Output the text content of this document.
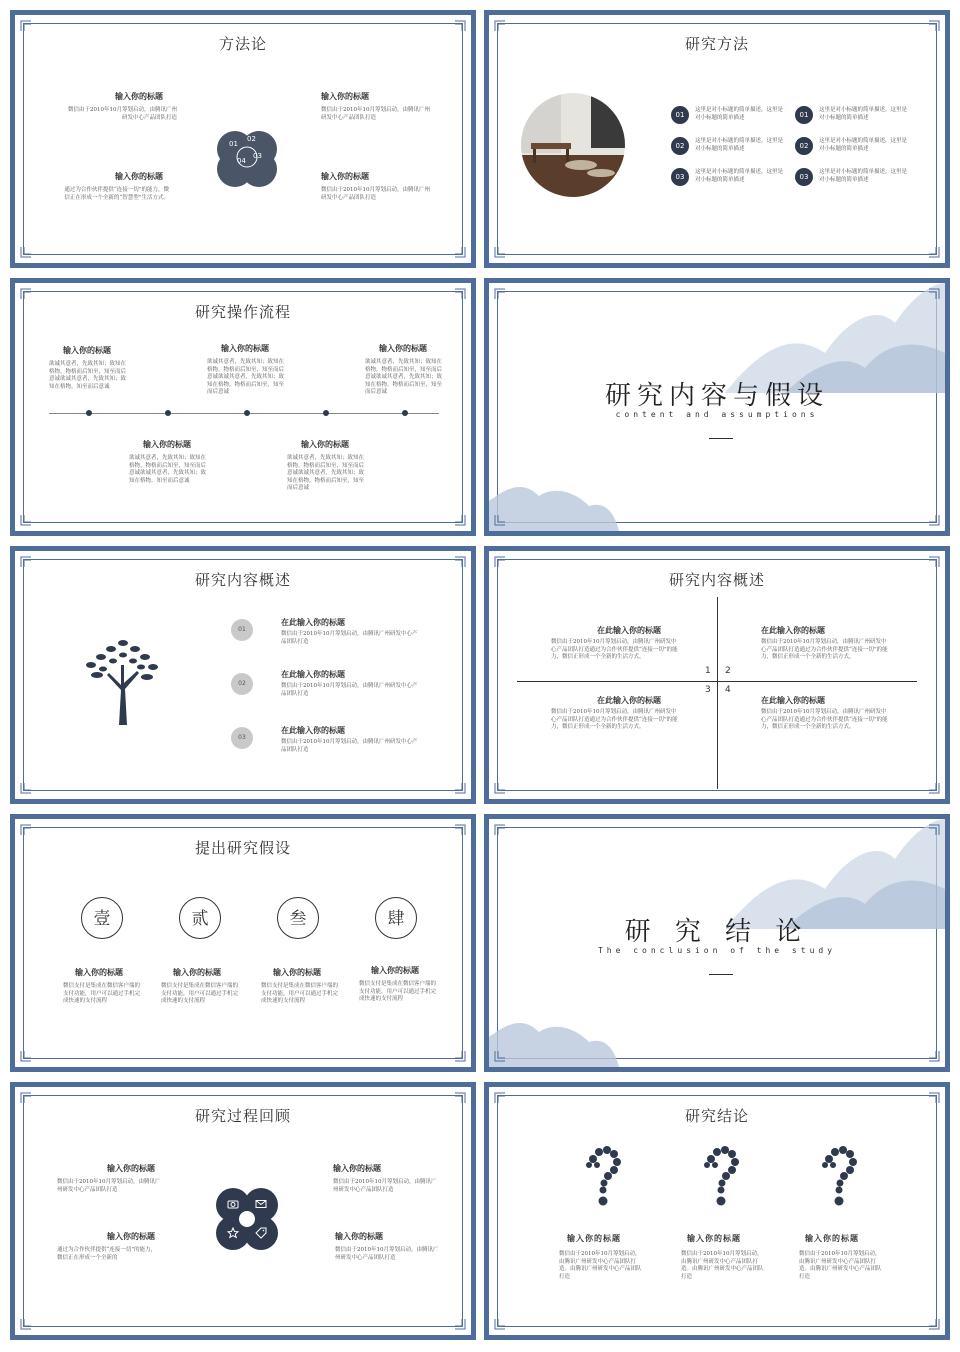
方法论
输入你的标题
微信由于2010年10月筹划启动，由腾讯广州研发中心产品团队打造
输入你的标题
微信由于2010年10月筹划启动，由腾讯广州研发中心产品团队打造
输入你的标题
通过为合作伙伴提供“连接一切”的能力，微信正在形成一个全新的“智慧型”生活方式。
输入你的标题
微信由于2010年10月筹划启动，由腾讯广州研发中心产品团队打造
01
02
04
03
研究方法
01
这里是对小标题的简单描述，这里是对小标题的简单描述
02
这里是对小标题的简单描述，这里是对小标题的简单描述
03
这里是对小标题的简单描述，这里是对小标题的简单描述
01
这里是对小标题的简单描述，这里是对小标题的简单描述
02
这里是对小标题的简单描述，这里是对小标题的简单描述
03
这里是对小标题的简单描述，这里是对小标题的简单描述
研究操作流程
输入你的标题
欲诚其意者，先致其知；致知在格物。物格而后知至，知至而后意诚欲诚其意者，先致其知；致知在格物。知至而后意诚
输入你的标题
欲诚其意者，先致其知；致知在格物。物格而后知至，知至而后意诚欲诚其意者，先致其知；致知在格物。物格而后知至，知至而后意诚
输入你的标题
欲诚其意者，先致其知；致知在格物。物格而后知至，知至而后意诚欲诚其意者，先致其知；致知在格物。物格而后知至，知至而后意诚
输入你的标题
欲诚其意者，先致其知；致知在格物。物格而后知至，知至而后意诚欲诚其意者，先致其知；致知在格物。知至而后意诚
输入你的标题
欲诚其意者，先致其知；致知在格物。物格而后知至，知至而后意诚欲诚其意者，先致其知；致知在格物。物格而后知至，知至而后意诚
研究内容与假设
content and assumptions
研究内容概述
01
在此输入你的标题
微信由于2010年10月筹划启动，由腾讯广州研发中心产品团队打造
02
在此输入你的标题
微信由于2010年10月筹划启动，由腾讯广州研发中心产品团队打造
03
在此输入你的标题
微信由于2010年10月筹划启动，由腾讯广州研发中心产品团队打造
研究内容概述
1 2
3 4
在此输入你的标题
微信由于2010年10月筹划启动，由腾讯广州研发中心产品团队打造通过为合作伙伴提供“连接一切”的能力，微信正形成一个全新的生活方式。
在此输入你的标题
微信由于2010年10月筹划启动，由腾讯广州研发中心产品团队打造通过为合作伙伴提供“连接一切”的能力，微信正形成一个全新的生活方式。
在此输入你的标题
微信由于2010年10月筹划启动，由腾讯广州研发中心产品团队打造通过为合作伙伴提供“连接一切”的能力，微信正形成一个全新的生活方式。
在此输入你的标题
微信由于2010年10月筹划启动，由腾讯广州研发中心产品团队打造通过为合作伙伴提供“连接一切”的能力，微信正形成一个全新的生活方式。
提出研究假设
壹	贰	叁	肆
输入你的标题
微信支付是集成在微信客户端的支付功能，用户可以通过手机完成快速的支付流程
输入你的标题
微信支付是集成在微信客户端的支付功能，用户可以通过手机完成快速的支付流程
输入你的标题
微信支付是集成在微信客户端的支付功能，用户可以通过手机完成快速的支付流程
输入你的标题
微信支付是集成在微信客户端的支付功能，用户可以通过手机完成快速的支付流程
研 究 结 论
The conclusion of the study
研究过程回顾
输入你的标题
微信由于2010年10月筹划启动，由腾讯广州研发中心产品团队打造
输入你的标题
微信由于2010年10月筹划启动，由腾讯广州研发中心产品团队打造
输入你的标题
通过为合作伙伴提供“连接一切”的能力，微信正在形成一个全新的
输入你的标题
微信由于2010年10月筹划启动，由腾讯广州研发中心产品团队打造
研究结论
输入你的标题
微信由于2010年10月筹划启动，由腾讯广州研发中心产品团队打造。由腾讯广州研发中心产品团队打造
输入你的标题
微信由于2010年10月筹划启动，由腾讯广州研发中心产品团队打造。由腾讯广州研发中心产品团队打造
输入你的标题
微信由于2010年10月筹划启动，由腾讯广州研发中心产品团队打造。由腾讯广州研发中心产品团队打造
